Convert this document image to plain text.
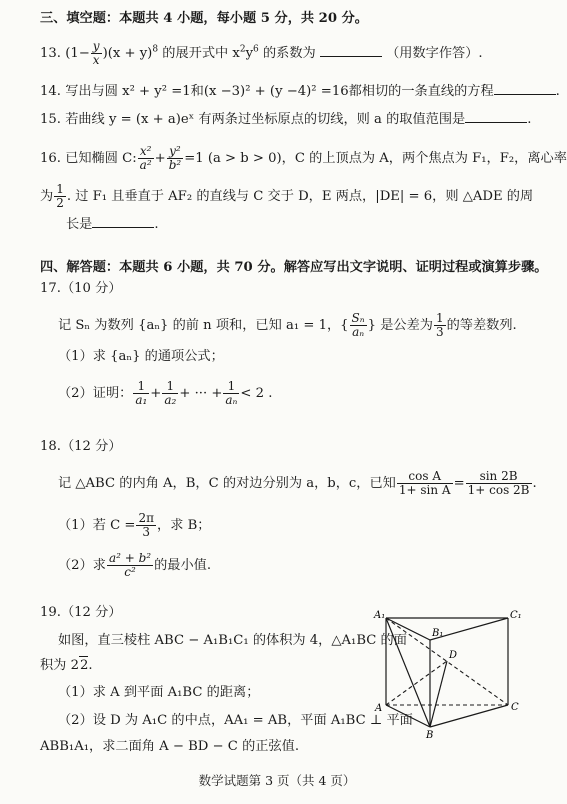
三、填空题：本题共 4 小题，每小题 5 分，共 20 分。
13. $(1- \frac{y}{x} )(x + y)^8$ 的展开式中 $x^2y^6$ 的系数为	（用数字作答）.
14. 写出与圆 x² + y² =1和(x −3)² + (y −4)² =16都相切的一条直线的方程	.
15. 若曲线 y = (x + a)eˣ 有两条过坐标原点的切线，则 a 的取值范围是	.
16. 已知椭圆 C: $\frac{\text{x²}}{\text{a²}} + \frac{\text{y²}}{\text{b²}} =1$ (a > b > 0)，C 的上顶点为 A，两个焦点为 F₁，F₂，离心率
为 $\frac{1}{2}$ . 过 F₁ 且垂直于 AF₂ 的直线与 C 交于 D，E 两点，|DE| = 6，则 △ADE 的周
长是	.
四、解答题：本题共 6 小题，共 70 分。解答应写出文字说明、证明过程或演算步骤。
17.（10 分）
记 Sₙ 为数列 {aₙ} 的前 n 项和，已知 a₁ = 1，{ $\frac{\text{Sₙ}}{\text{aₙ}}$ } 是公差为 $\frac{1}{3}$ 的等差数列.
（1）求 {aₙ} 的通项公式；
（2）证明： $\frac{1}{\text{a₁}} + \frac{1}{\text{a₂}}$ + ··· + $\frac{1}{\text{aₙ}} < 2$ .
18.（12 分）
记 △ABC 的内角 A，B，C 的对边分别为 a，b，c，已知 $\frac{\text{cos A}}{\text{1+ sin A}} = \frac{\sin 2B}{1+ \cos 2B}$ .
（1）若 $C = \frac{2\pi}{3}$ ，求 B；
（2）求 $\frac{\text{a² + b²}}{\text{c²}}$ 的最小值.
19.（12 分）
如图，直三棱柱 ABC − A₁B₁C₁ 的体积为 4，△A₁BC 的面
积为 22.
（1）求 A 到平面 A₁BC 的距离；
（2）设 D 为 A₁C 的中点，AA₁ = AB，平面 A₁BC ⊥ 平面
ABB₁A₁，求二面角 A − BD − C 的正弦值.
A₁	C₁
B₁
D
A
B
C
数学试题第 3 页（共 4 页）
